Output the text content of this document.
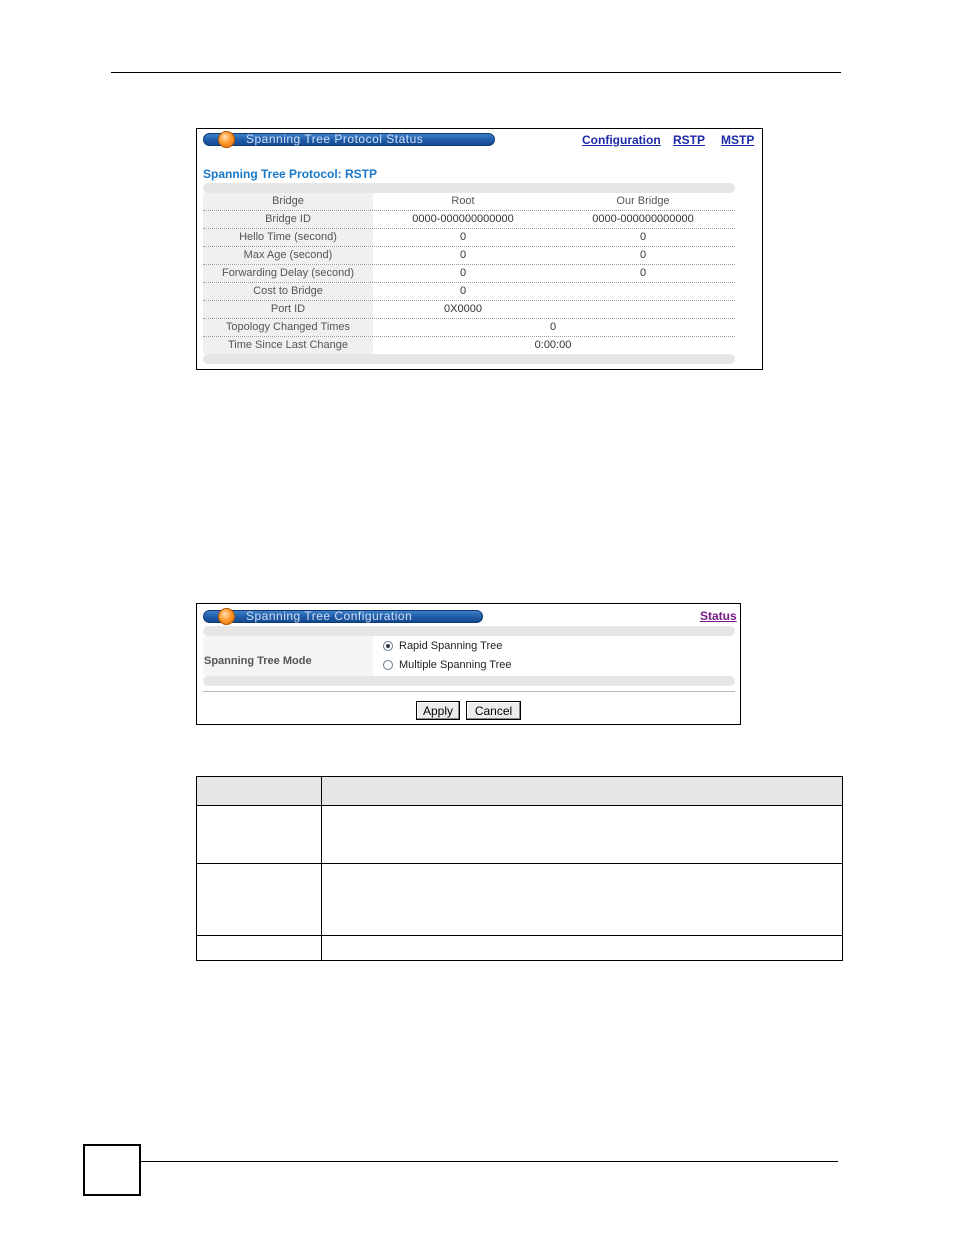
Spanning Tree Protocol Status	Configuration RSTP MSTP
Spanning Tree Protocol: RSTP
Bridge	Root	Our Bridge
Bridge ID	0000-000000000000	0000-000000000000
Hello Time (second)	0	0
Max Age (second)	0	0
Forwarding Delay (second)	0	0
Cost to Bridge	0
Port ID	0X0000
Topology Changed Times	0
Time Since Last Change	0:00:00
Spanning Tree Configuration	Status
Spanning Tree Mode
Rapid Spanning Tree
Multiple Spanning Tree
Apply	Cancel
